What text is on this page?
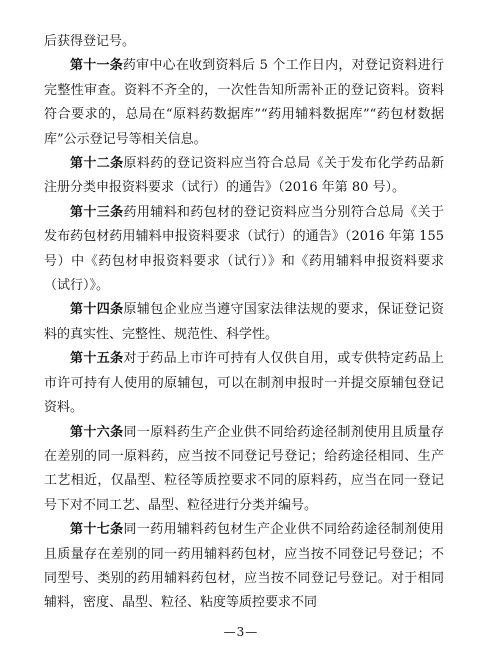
后获得登记号。

第十一条药审中心在收到资料后 5 个工作日内，对登记资料进行完整性审查。资料不齐全的，一次性告知所需补正的登记资料。资料符合要求的，总局在“原料药数据库”“药用辅料数据库”“药包材数据库”公示登记号等相关信息。

第十二条原料药的登记资料应当符合总局《关于发布化学药品新注册分类申报资料要求（试行）的通告》（2016 年第 80 号）。

第十三条药用辅料和药包材的登记资料应当分别符合总局《关于发布药包材药用辅料申报资料要求（试行）的通告》（2016 年第 155 号）中《药包材申报资料要求（试行）》和《药用辅料申报资料要求（试行）》。

第十四条原辅包企业应当遵守国家法律法规的要求，保证登记资料的真实性、完整性、规范性、科学性。

第十五条对于药品上市许可持有人仅供自用，或专供特定药品上市许可持有人使用的原辅包，可以在制剂申报时一并提交原辅包登记资料。

第十六条同一原料药生产企业供不同给药途径制剂使用且质量存在差别的同一原料药，应当按不同登记号登记；给药途径相同、生产工艺相近，仅晶型、粒径等质控要求不同的原料药，应当在同一登记号下对不同工艺、晶型、粒径进行分类并编号。

第十七条同一药用辅料药包材生产企业供不同给药途径制剂使用且质量存在差别的同一药用辅料药包材，应当按不同登记号登记；不同型号、类别的药用辅料药包材，应当按不同登记号登记。对于相同辅料，密度、晶型、粒径、粘度等质控要求不同

—3—
